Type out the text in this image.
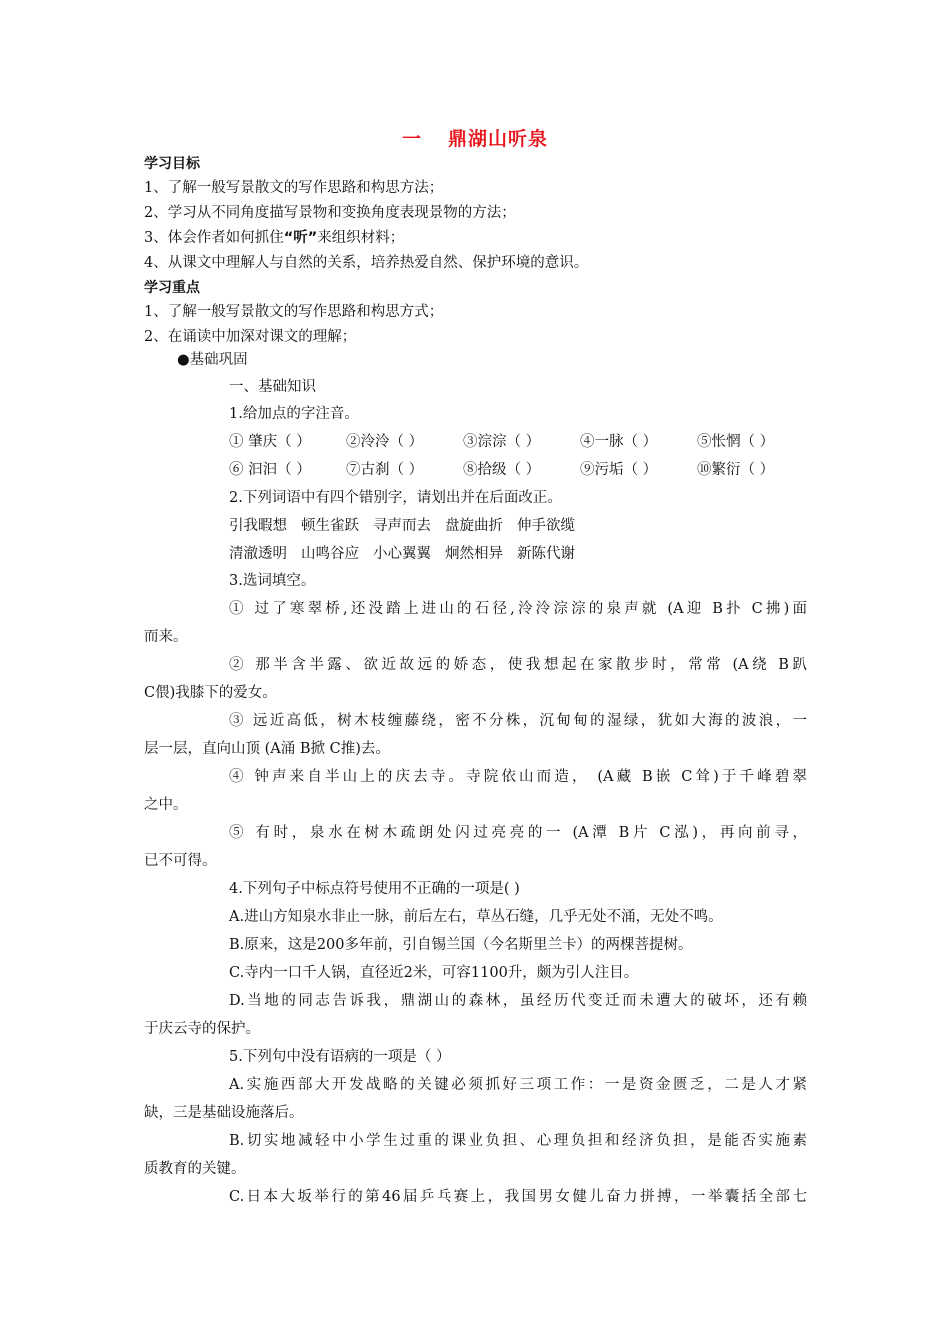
一 鼎湖山听泉
学习目标
1、了解一般写景散文的写作思路和构思方法；
2、学习从不同角度描写景物和变换角度表现景物的方法；
3、体会作者如何抓住“听”来组织材料；
4、从课文中理解人与自然的关系，培养热爱自然、保护环境的意识。
学习重点
1、了解一般写景散文的写作思路和构思方式；
2、在诵读中加深对课文的理解；
●基础巩固
一、基础知识
1.给加点的字注音。
① 肇庆（ ） ②泠泠（ ）	③淙淙（ ）	④一脉（ ）	⑤怅惘（ ）
⑥ 汩汩（ ） ⑦古刹（ ）	⑧拾级（ ）	⑨污垢（ ）	⑩繁衍（ ）
2.下列词语中有四个错别字，请划出并在后面改正。
引我暇想 顿生雀跃 寻声而去 盘旋曲折 伸手欲缆
清澈透明 山鸣谷应 小心翼翼 炯然相异 新陈代谢
3.选词填空。
① 过了寒翠桥,还没踏上进山的石径,泠泠淙淙的泉声就 (A迎 B扑 C拂)面
而来。
② 那半含半露、欲近故远的娇态，使我想起在家散步时，常常 (A绕 B趴
C偎)我膝下的爱女。
③ 远近高低，树木枝缠藤绕，密不分株，沉甸甸的湿绿，犹如大海的波浪，一
层一层，直向山顶 (A涌 B掀 C推)去。
④ 钟声来自半山上的庆去寺。寺院依山而造， (A藏 B嵌 C耸)于千峰碧翠
之中。
⑤ 有时，泉水在树木疏朗处闪过亮亮的一 (A潭 B片 C泓)，再向前寻，
已不可得。
4.下列句子中标点符号使用不正确的一项是( )
A.进山方知泉水非止一脉，前后左右，草丛石缝，几乎无处不涌，无处不鸣。
B.原来，这是200多年前，引自锡兰国（今名斯里兰卡）的两棵菩提树。
C.寺内一口千人锅，直径近2米，可容1100升，颇为引人注目。
D.当地的同志告诉我，鼎湖山的森林，虽经历代变迁而未遭大的破坏，还有赖
于庆云寺的保护。
5.下列句中没有语病的一项是（ ）
A.实施西部大开发战略的关键必须抓好三项工作：一是资金匮乏，二是人才紧
缺，三是基础设施落后。
B.切实地减轻中小学生过重的课业负担、心理负担和经济负担，是能否实施素
质教育的关键。
C.日本大坂举行的第46届乒乓赛上，我国男女健儿奋力拼搏，一举囊括全部七
